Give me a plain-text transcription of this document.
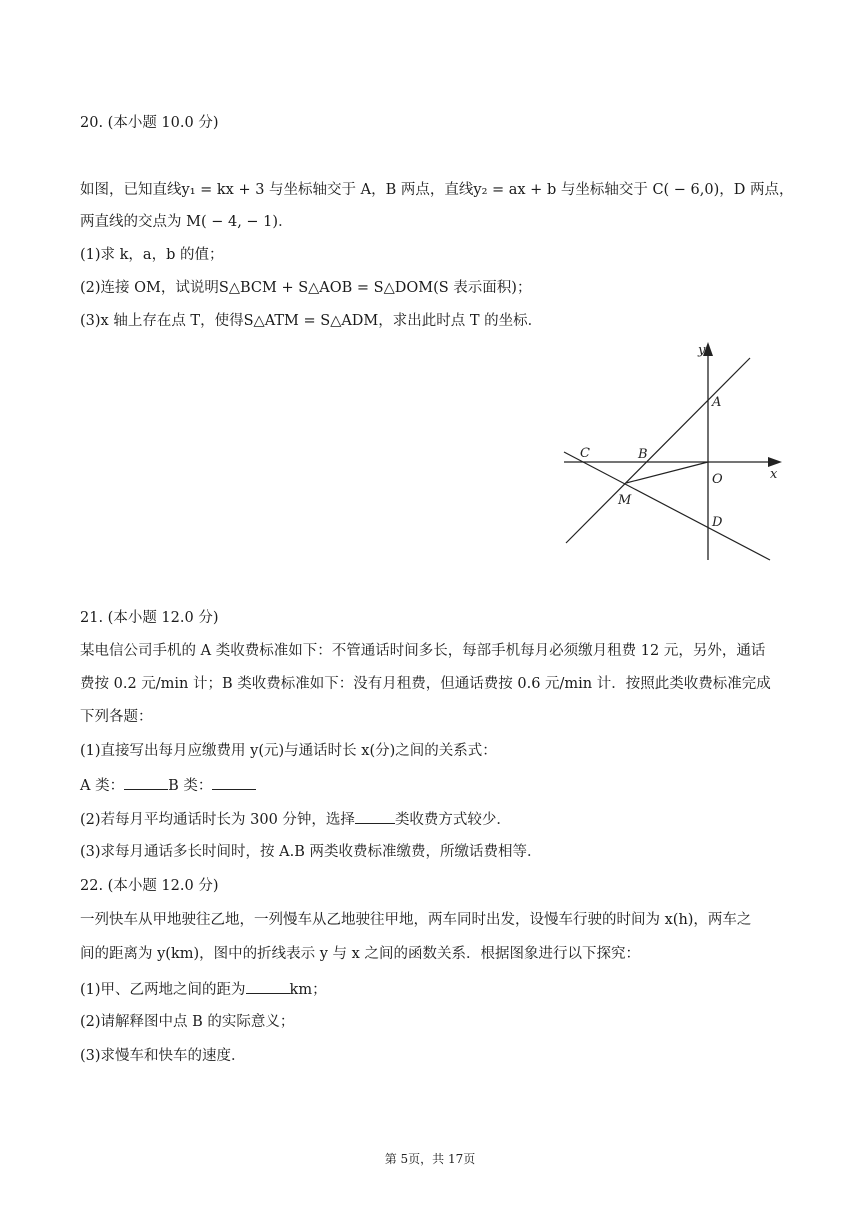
20. (本小题 10.0 分)
如图，已知直线y₁ = kx + 3 与坐标轴交于 A，B 两点，直线y₂ = ax + b 与坐标轴交于 C( − 6,0)，D 两点，
两直线的交点为 M( − 4, − 1)．
(1)求 k，a，b 的值；
(2)连接 OM，试说明S△BCM + S△AOB = S△DOM(S 表示面积)；
(3)x 轴上存在点 T，使得S△ATM = S△ADM，求出此时点 T 的坐标．
y
x
A
B
C
O
M
D
21. (本小题 12.0 分)
某电信公司手机的 A 类收费标准如下：不管通话时间多长，每部手机每月必须缴月租费 12 元，另外，通话
费按 0.2 元/min 计；B 类收费标准如下：没有月租费，但通话费按 0.6 元/min 计．按照此类收费标准完成
下列各题：
(1)直接写出每月应缴费用 y(元)与通话时长 x(分)之间的关系式：
A 类：	B 类：
(2)若每月平均通话时长为 300 分钟，选择	类收费方式较少．
(3)求每月通话多长时间时，按 A.B 两类收费标准缴费，所缴话费相等．
22. (本小题 12.0 分)
一列快车从甲地驶往乙地，一列慢车从乙地驶往甲地，两车同时出发，设慢车行驶的时间为 x(h)，两车之
间的距离为 y(km)，图中的折线表示 y 与 x 之间的函数关系．根据图象进行以下探究：
(1)甲、乙两地之间的距为	km；
(2)请解释图中点 B 的实际意义；
(3)求慢车和快车的速度．
第 5页，共 17页
